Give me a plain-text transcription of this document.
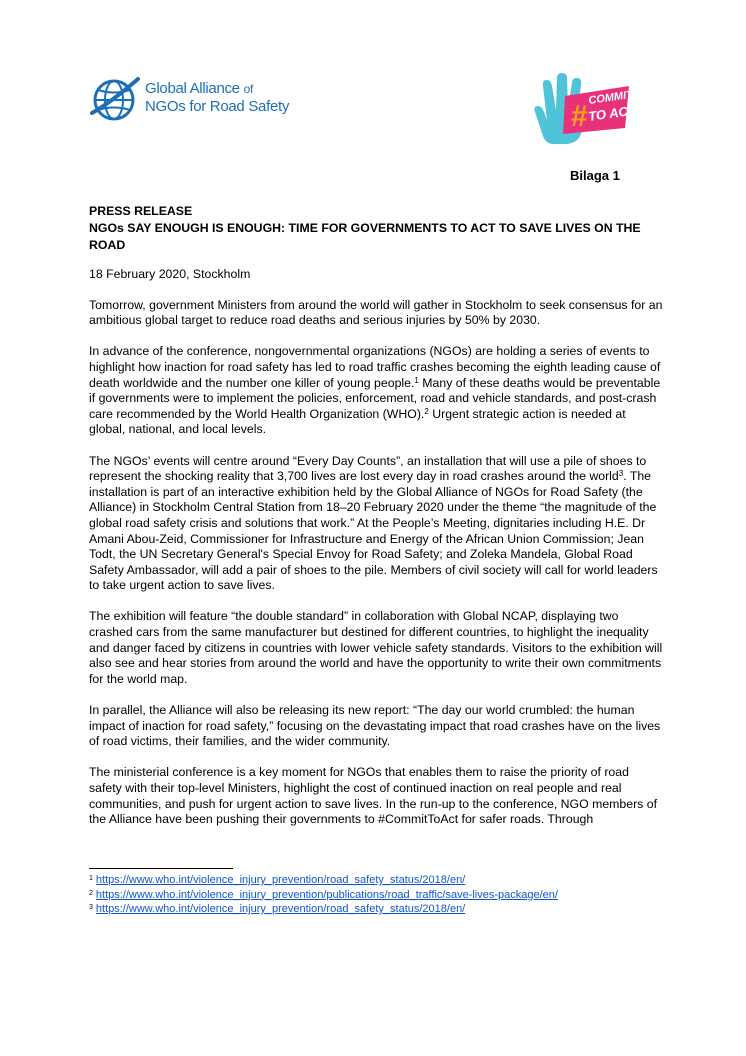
Global Alliance of
NGOs for Road Safety	#
COMMIT
TO ACT
Bilaga 1
PRESS RELEASE
NGOs SAY ENOUGH IS ENOUGH: TIME FOR GOVERNMENTS TO ACT TO SAVE LIVES ON THE ROAD
18 February 2020, Stockholm

Tomorrow, government Ministers from around the world will gather in Stockholm to seek consensus for an ambitious global target to reduce road deaths and serious injuries by 50% by 2030.

In advance of the conference, nongovernmental organizations (NGOs) are holding a series of events to highlight how inaction for road safety has led to road traffic crashes becoming the eighth leading cause of death worldwide and the number one killer of young people.$^1$ Many of these deaths would be preventable if governments were to implement the policies, enforcement, road and vehicle standards, and post-crash care recommended by the World Health Organization (WHO).$^2$ Urgent strategic action is needed at global, national, and local levels.

The NGOs’ events will centre around “Every Day Counts”, an installation that will use a pile of shoes to represent the shocking reality that 3,700 lives are lost every day in road crashes around the world$^3$. The installation is part of an interactive exhibition held by the Global Alliance of NGOs for Road Safety (the Alliance) in Stockholm Central Station from 18–20 February 2020 under the theme “the magnitude of the global road safety crisis and solutions that work.” At the People’s Meeting, dignitaries including H.E. Dr Amani Abou-Zeid, Commissioner for Infrastructure and Energy of the African Union Commission; Jean Todt, the UN Secretary General's Special Envoy for Road Safety; and Zoleka Mandela, Global Road Safety Ambassador, will add a pair of shoes to the pile. Members of civil society will call for world leaders to take urgent action to save lives.

The exhibition will feature “the double standard” in collaboration with Global NCAP, displaying two crashed cars from the same manufacturer but destined for different countries, to highlight the inequality and danger faced by citizens in countries with lower vehicle safety standards. Visitors to the exhibition will also see and hear stories from around the world and have the opportunity to write their own commitments for the world map.

In parallel, the Alliance will also be releasing its new report: “The day our world crumbled: the human impact of inaction for road safety,” focusing on the devastating impact that road crashes have on the lives of road victims, their families, and the wider community.

The ministerial conference is a key moment for NGOs that enables them to raise the priority of road safety with their top-level Ministers, highlight the cost of continued inaction on real people and real communities, and push for urgent action to save lives. In the run-up to the conference, NGO members of the Alliance have been pushing their governments to #CommitToAct for safer roads. Through

$^1$ https://www.who.int/violence_injury_prevention/road_safety_status/2018/en/
$^2$ https://www.who.int/violence_injury_prevention/publications/road_traffic/save-lives-package/en/
$^3$ https://www.who.int/violence_injury_prevention/road_safety_status/2018/en/
